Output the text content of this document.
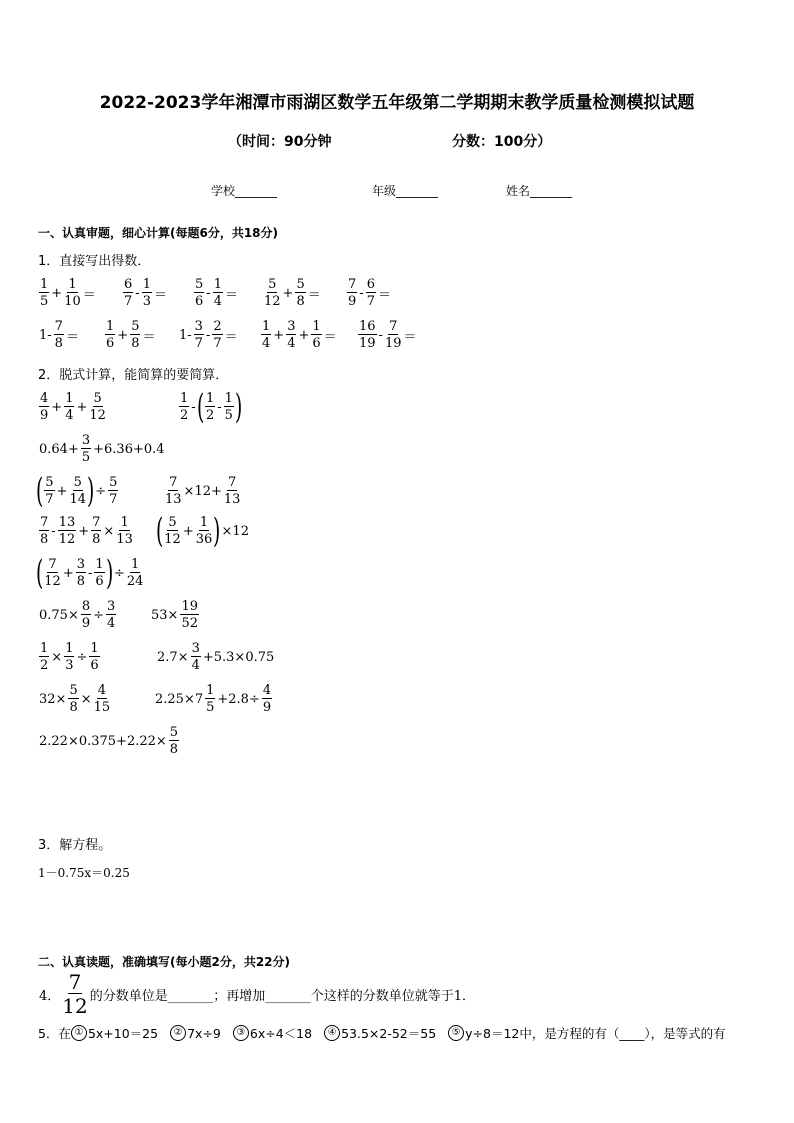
2022-2023学年湘潭市雨湖区数学五年级第二学期期末教学质量检测模拟试题
（时间：90分钟	分数：100分）
学校_______	年级_______	姓名_______
一、认真审题，细心计算(每题6分，共18分)
1．直接写出得数．
$\frac{1}{5} + \frac{1}{10} = \frac{6}{7} - \frac{1}{3} = \frac{5}{6} - \frac{1}{4} = \frac{5}{12} + \frac{5}{8} = \frac{7}{9} - \frac{6}{7}$ ＝
$1- \frac{7}{8} = \frac{1}{6} + \frac{5}{8} = 1- \frac{3}{7} - \frac{2}{7} = \frac{1}{4} + \frac{3}{4} + \frac{1}{6} = \frac{16}{19} - \frac{7}{19}$ ＝
2．脱式计算，能简算的要简算．
$\frac{4}{9} + \frac{1}{4} + \frac{5}{12}$	$\frac{1}{2}$ - ( $\frac{1}{2} - \frac{1}{5}$ )
$0.64+ \frac{3}{5} +6.36+0.4$
( $\frac{5}{7} + \frac{5}{14}$ ) ÷ $\frac{5}{7}$	$\frac{7}{13} \times 12+ \frac{7}{13}$
$\frac{7}{8} - \frac{13}{12} + \frac{7}{8} \times \frac{1}{13}$ ( $\frac{5}{12} + \frac{1}{36}$ ) ×12
( $\frac{7}{12} + \frac{3}{8} - \frac{1}{6}$ ) ÷ $\frac{1}{24}$
$0.75\times \frac{8}{9} \div \frac{3}{4}$	$53\times \frac{19}{52}$
$\frac{1}{2} \times \frac{1}{3} \div \frac{1}{6}$	$2.7\times \frac{3}{4} +5.3\times 0.75$
$32\times \frac{5}{8} \times \frac{4}{15}$	$2.25\times 7 \frac{1}{5} +2.8\div \frac{4}{9}$
$2.22\times 0.375+2.22\times \frac{5}{8}$
3．解方程。
1－0.75x＝0.25
二、认真读题，准确填写(每小题2分，共22分)
4． $\frac{7}{12}$ 的分数单位是_______；再增加_______个这样的分数单位就等于1．
5．在 ① 5x+10＝25	② 7x÷9	③ 6x÷4＜18	④ 53.5×2-52＝55	⑤ y÷8＝12 中，是方程的有（____），是等式的有
